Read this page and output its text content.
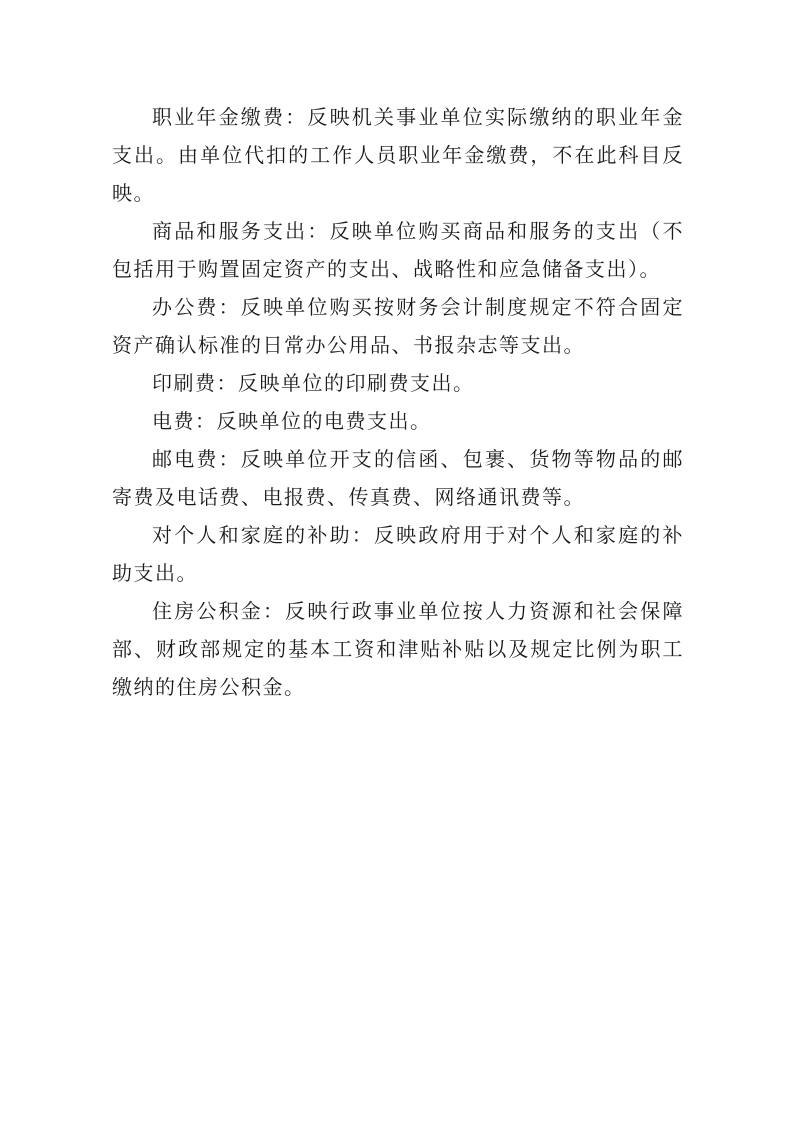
职业年金缴费：反映机关事业单位实际缴纳的职业年金支出。由单位代扣的工作人员职业年金缴费，不在此科目反映。

商品和服务支出：反映单位购买商品和服务的支出（不包括用于购置固定资产的支出、战略性和应急储备支出）。

办公费：反映单位购买按财务会计制度规定不符合固定资产确认标准的日常办公用品、书报杂志等支出。

印刷费：反映单位的印刷费支出。

电费：反映单位的电费支出。

邮电费：反映单位开支的信函、包裹、货物等物品的邮寄费及电话费、电报费、传真费、网络通讯费等。

对个人和家庭的补助：反映政府用于对个人和家庭的补助支出。

住房公积金：反映行政事业单位按人力资源和社会保障部、财政部规定的基本工资和津贴补贴以及规定比例为职工缴纳的住房公积金。
